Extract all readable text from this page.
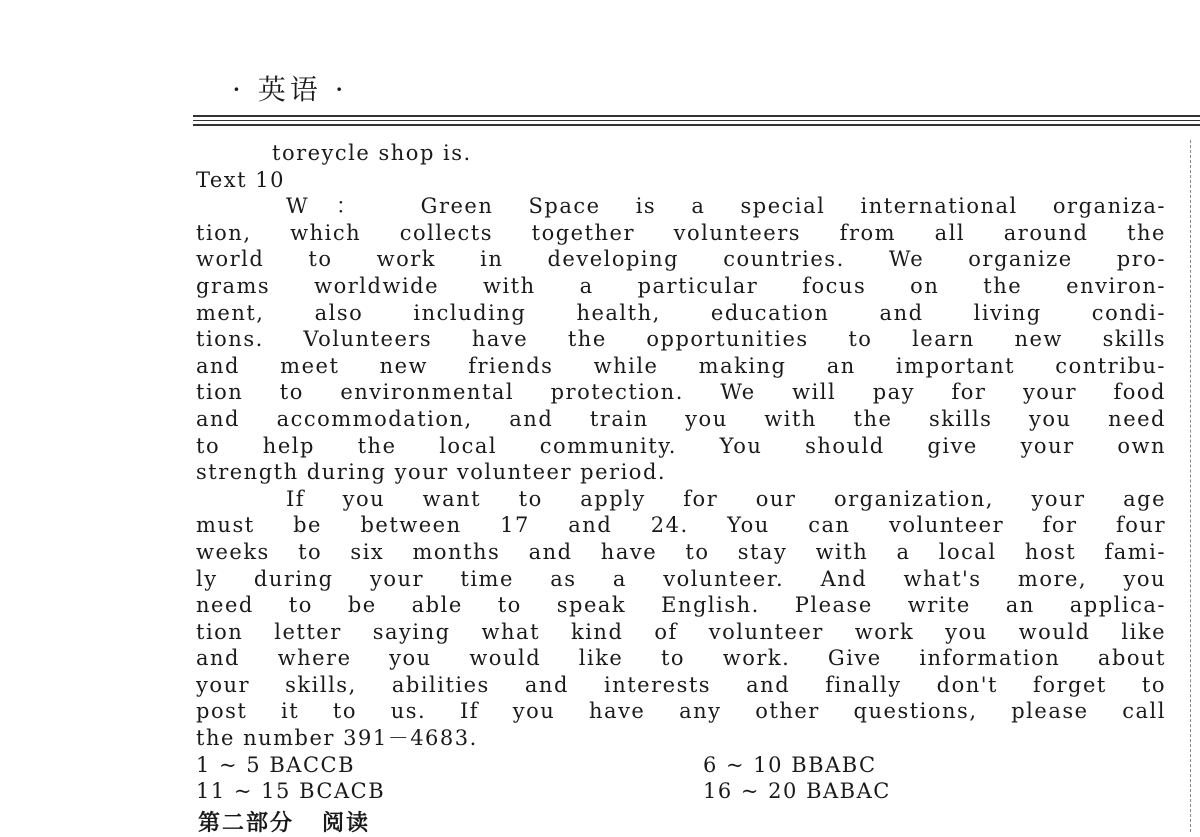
· 英语 ·
toreycle shop is.
Text 10
W： Green Space is a special international organiza-
tion, which collects together volunteers from all around the
world to work in developing countries. We organize pro-
grams worldwide with a particular focus on the environ-
ment, also including health, education and living condi-
tions. Volunteers have the opportunities to learn new skills
and meet new friends while making an important contribu-
tion to environmental protection. We will pay for your food
and accommodation, and train you with the skills you need
to help the local community. You should give your own
strength during your volunteer period.
If you want to apply for our organization, your age
must be between 17 and 24. You can volunteer for four
weeks to six months and have to stay with a local host fami-
ly during your time as a volunteer. And what's more, you
need to be able to speak English. Please write an applica-
tion letter saying what kind of volunteer work you would like
and where you would like to work. Give information about
your skills, abilities and interests and finally don't forget to
post it to us. If you have any other questions, please call
the number 391－4683.
1 ~ 5 BACCB	6 ~ 10 BBABC
11 ~ 15 BCACB	16 ~ 20 BABAC
第二部分 阅读
